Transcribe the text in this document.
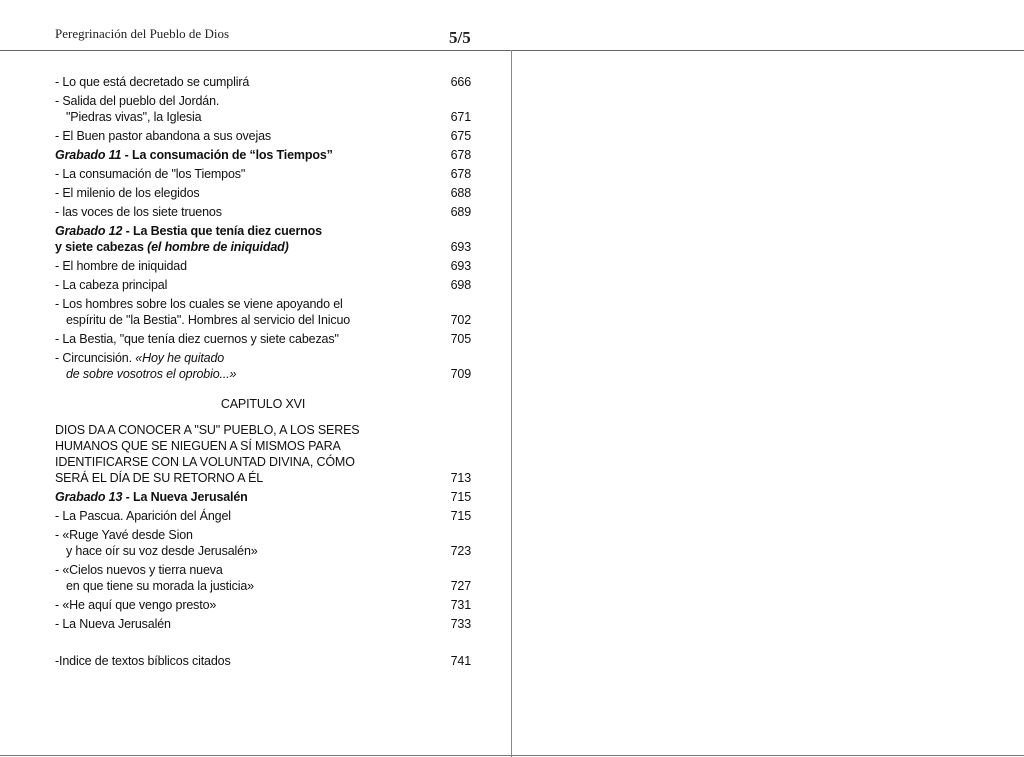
Peregrinación del Pueblo de Dios	5/5
- Lo que está decretado se cumplirá	666
- Salida del pueblo del Jordán.
"Piedras vivas", la Iglesia	671
- El Buen pastor abandona a sus ovejas	675
Grabado 11 - La consumación de “los Tiempos”	678
- La consumación de "los Tiempos"	678
- El milenio de los elegidos	688
- las voces de los siete truenos	689
Grabado 12 - La Bestia que tenía diez cuernos
y siete cabezas (el hombre de iniquidad)	693
- El hombre de iniquidad	693
- La cabeza principal	698
- Los hombres sobre los cuales se viene apoyando el
espíritu de "la Bestia". Hombres al servicio del Inicuo	702
- La Bestia, "que tenía diez cuernos y siete cabezas"	705
- Circuncisión. «Hoy he quitado
de sobre vosotros el oprobio...»	709
CAPITULO XVI
DIOS DA A CONOCER A "SU" PUEBLO, A LOS SERES
HUMANOS QUE SE NIEGUEN A SÍ MISMOS PARA
IDENTIFICARSE CON LA VOLUNTAD DIVINA, CÓMO
SERÁ EL DÍA DE SU RETORNO A ÉL	713
Grabado 13 - La Nueva Jerusalén	715
- La Pascua. Aparición del Ángel	715
- «Ruge Yavé desde Sion
y hace oír su voz desde Jerusalén»	723
- «Cielos nuevos y tierra nueva
en que tiene su morada la justicia»	727
- «He aquí que vengo presto»	731
- La Nueva Jerusalén	733
-Indice de textos bíblicos citados	741
